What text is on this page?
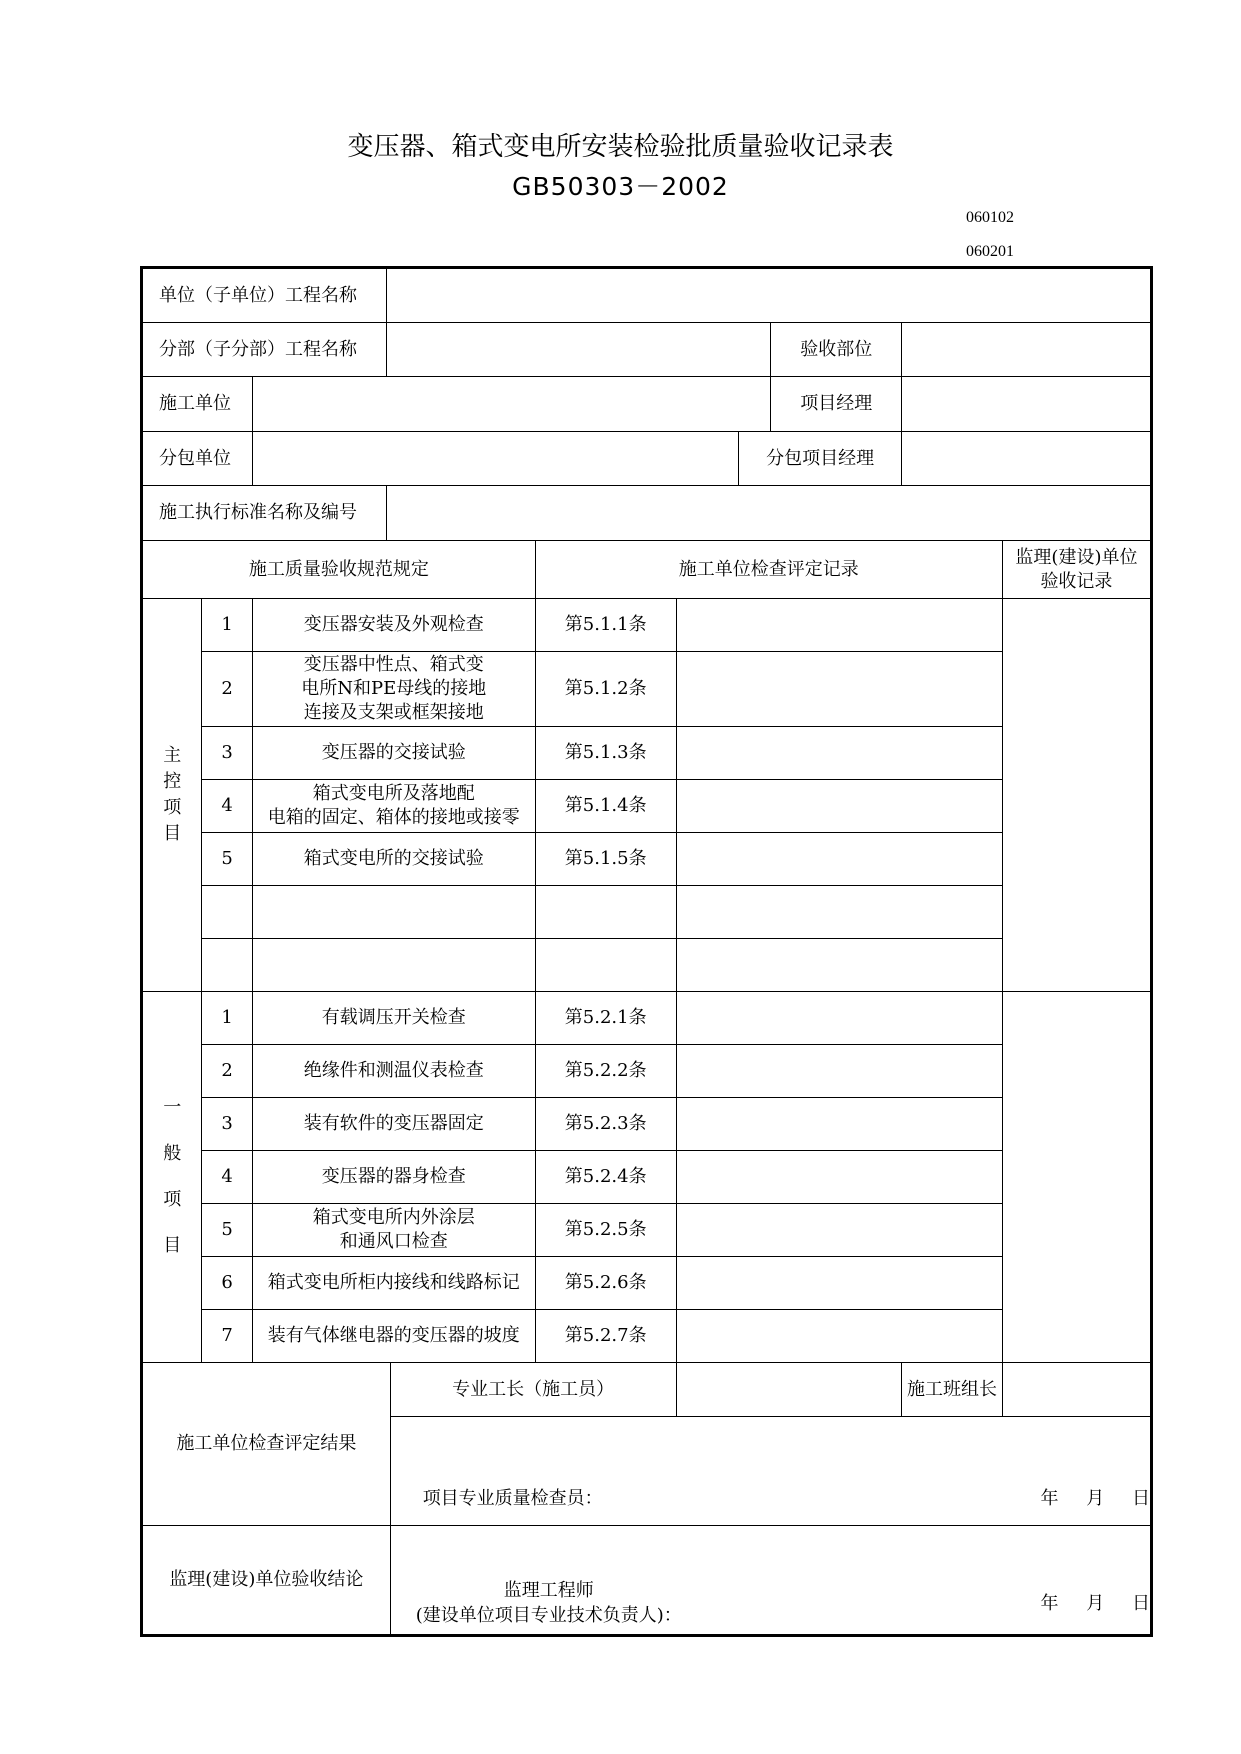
变压器、箱式变电所安装检验批质量验收记录表
GB50303－2002
060102
060201
单位（子单位）工程名称										
分部（子分部）工程名称								验收部位		
施工单位								项目经理		
分包单位							分包项目经理			
施工执行标准名称及编号										
施工质量验收规范规定					施工单位检查评定记录					监理(建设)单位
验收记录

主
控
项
目	1	变压器安装及外观检查			第5.1.1条					
	2	变压器中性点、箱式变
电所N和PE母线的接地
连接及支架或框架接地			第5.1.2条					
	3	变压器的交接试验			第5.1.3条					
	4	箱式变电所及落地配
电箱的固定、箱体的接地或接零			第5.1.4条					
	5	箱式变电所的交接试验			第5.1.5条					

一
般
项
目	1	有载调压开关检查			第5.2.1条					
	2	绝缘件和测温仪表检查			第5.2.2条					
	3	装有软件的变压器固定			第5.2.3条					
	4	变压器的器身检查			第5.2.4条					
	5	箱式变电所内外涂层
和通风口检查			第5.2.5条					
	6	箱式变电所柜内接线和线路标记			第5.2.6条					
	7	装有气体继电器的变压器的坡度			第5.2.7条					
施工单位检查评定结果				专业工长（施工员）					施工班组长	

				项目专业质量检查员： 年 月 日						

监理(建设)单位验收结论				监理工程师
(建设单位项目专业技术负责人)：
年 月 日						
